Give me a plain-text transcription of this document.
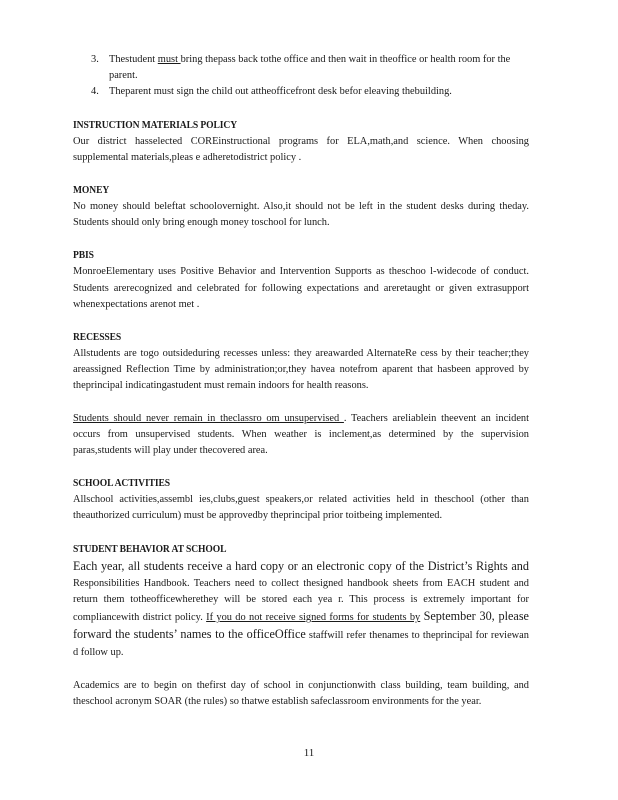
3. Thestudent must bring thepass back tothe office and then wait in theoffice or health room for the parent.
4. Theparent must sign the child out attheofficefront desk befor eleaving thebuilding.
INSTRUCTION MATERIALS POLICY

Our district hasselected COREinstructional programs for ELA,math,and science. When choosing supplemental materials,pleas e adheretodistrict policy .

MONEY

No money should beleftat schoolovernight. Also,it should not be left in the student desks during theday. Students should only bring enough money toschool for lunch.

PBIS

MonroeElementary uses Positive Behavior and Intervention Supports as theschoo l-widecode of conduct. Students arerecognized and celebrated for following expectations and areretaught or given extrasupport whenexpectations arenot met .

RECESSES

Allstudents are togo outsideduring recesses unless: they areawarded AlternateRe cess by their teacher;they areassigned Reflection Time by administration;or,they havea notefrom aparent that hasbeen approved by theprincipal indicatingastudent must remain indoors for health reasons.

Students should never remain in theclassro om unsupervised . Teachers areliablein theevent an incident occurs from unsupervised students. When weather is inclement,as determined by the supervision paras,students will play under thecovered area.

SCHOOL ACTIVITIES

Allschool activities,assembl ies,clubs,guest speakers,or related activities held in theschool (other than theauthorized curriculum) must be approvedby theprincipal prior toitbeing implemented.

STUDENT BEHAVIOR AT SCHOOL

Each year, all students receive a hard copy or an electronic copy of the District’s Rights and Responsibilities Handbook. Teachers need to collect thesigned handbook sheets from EACH student and return them totheofficewherethey will be stored each yea r. This process is extremely important for compliancewith district policy. If you do not receive signed forms for students by September 30, please forward the students’ names to the officeOffice staffwill refer thenames to theprincipal for reviewan d follow up.

Academics are to begin on thefirst day of school in conjunctionwith class building, team building, and theschool acronym SOAR (the rules) so thatwe establish safeclassroom environments for the year.

11
